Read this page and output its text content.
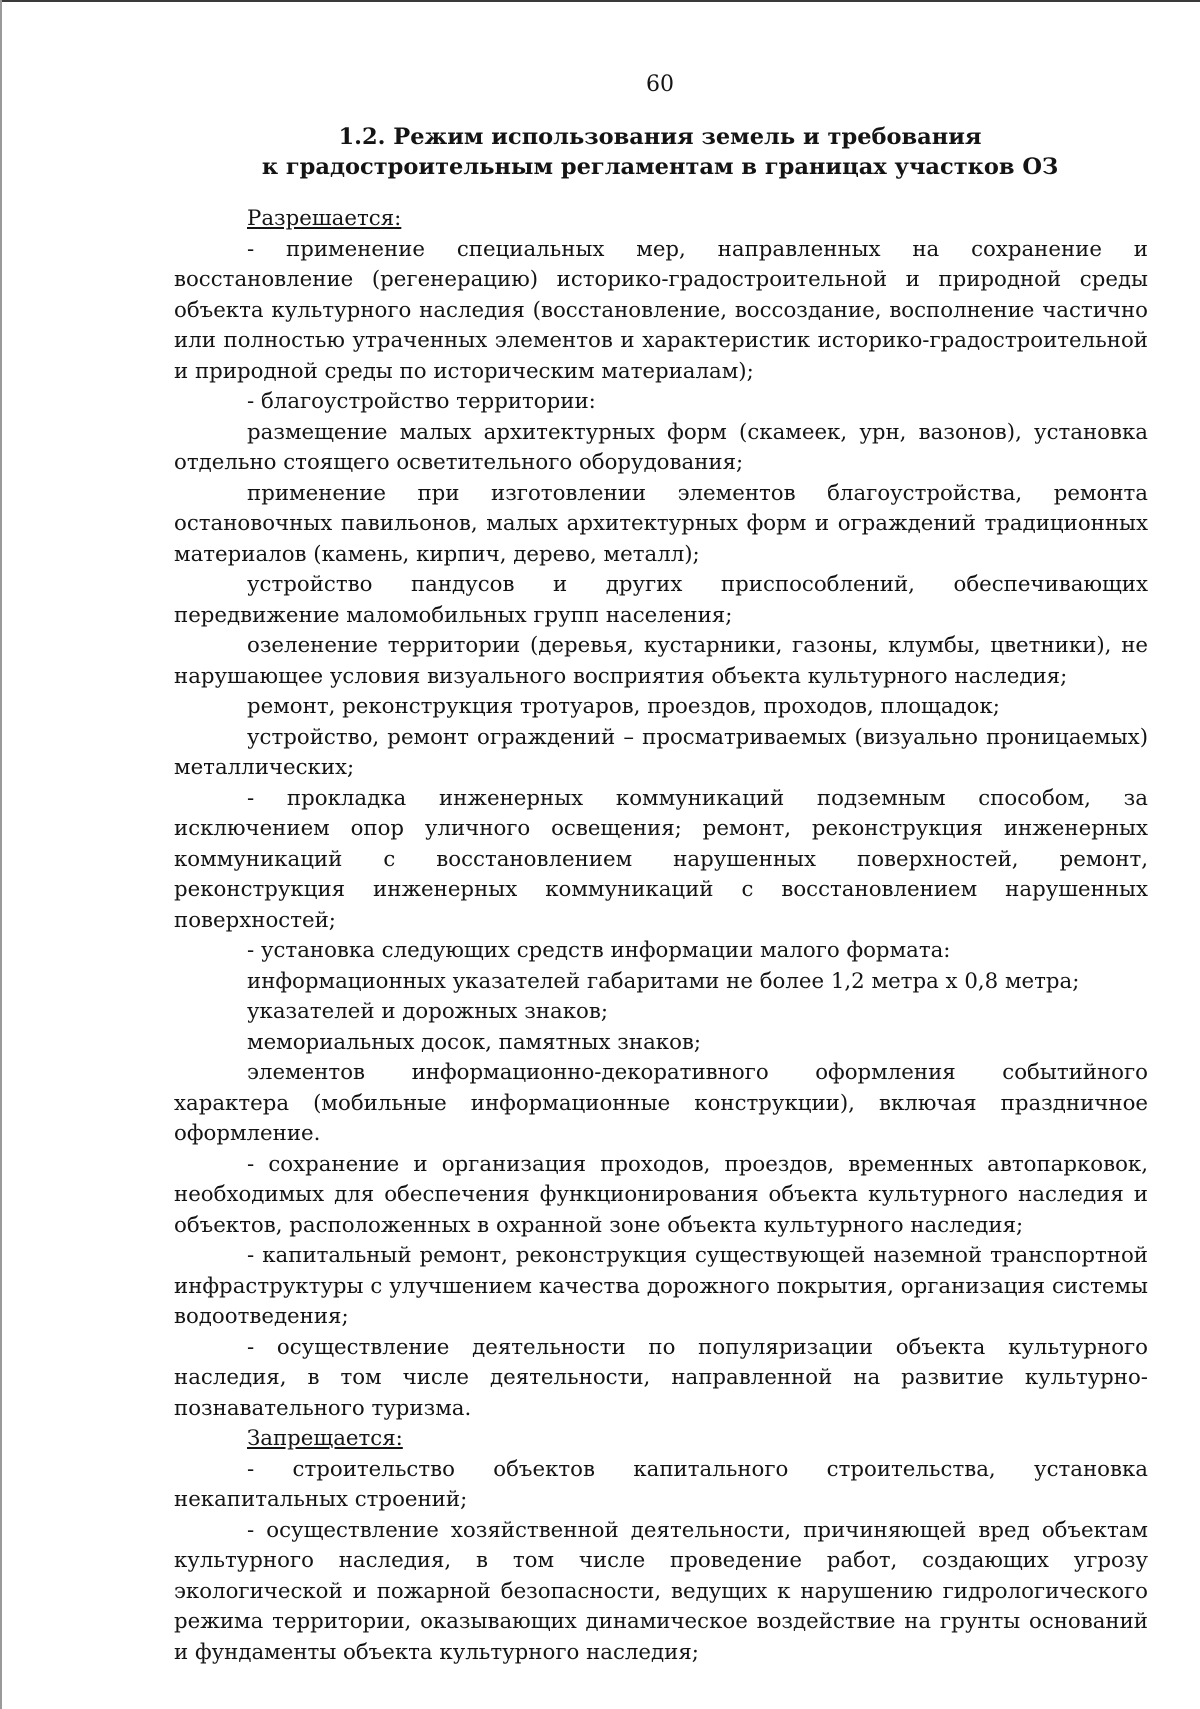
60
1.2. Режим использования земель и требования
к градостроительным регламентам в границах участков ОЗ

Разрешается:

- применение специальных мер, направленных на сохранение и восстановление (регенерацию) историко-градостроительной и природной среды объекта культурного наследия (восстановление, воссоздание, восполнение частично или полностью утраченных элементов и характеристик историко-градостроительной и природной среды по историческим материалам);

- благоустройство территории:

размещение малых архитектурных форм (скамеек, урн, вазонов), установка отдельно стоящего осветительного оборудования;

применение при изготовлении элементов благоустройства, ремонта остановочных павильонов, малых архитектурных форм и ограждений традиционных материалов (камень, кирпич, дерево, металл);

устройство пандусов и других приспособлений, обеспечивающих передвижение маломобильных групп населения;

озеленение территории (деревья, кустарники, газоны, клумбы, цветники), не нарушающее условия визуального восприятия объекта культурного наследия;

ремонт, реконструкция тротуаров, проездов, проходов, площадок;

устройство, ремонт ограждений – просматриваемых (визуально проницаемых) металлических;

- прокладка инженерных коммуникаций подземным способом, за исключением опор уличного освещения; ремонт, реконструкция инженерных коммуникаций с восстановлением нарушенных поверхностей, ремонт, реконструкция инженерных коммуникаций с восстановлением нарушенных поверхностей;

- установка следующих средств информации малого формата:

информационных указателей габаритами не более 1,2 метра х 0,8 метра;

указателей и дорожных знаков;

мемориальных досок, памятных знаков;

элементов информационно-декоративного оформления событийного характера (мобильные информационные конструкции), включая праздничное оформление.

- сохранение и организация проходов, проездов, временных автопарковок, необходимых для обеспечения функционирования объекта культурного наследия и объектов, расположенных в охранной зоне объекта культурного наследия;

- капитальный ремонт, реконструкция существующей наземной транспортной инфраструктуры с улучшением качества дорожного покрытия, организация системы водоотведения;

- осуществление деятельности по популяризации объекта культурного наследия, в том числе деятельности, направленной на развитие культурно-познавательного туризма.

Запрещается:

- строительство объектов капитального строительства, установка некапитальных строений;

- осуществление хозяйственной деятельности, причиняющей вред объектам культурного наследия, в том числе проведение работ, создающих угрозу экологической и пожарной безопасности, ведущих к нарушению гидрологического режима территории, оказывающих динамическое воздействие на грунты оснований и фундаменты объекта культурного наследия;
